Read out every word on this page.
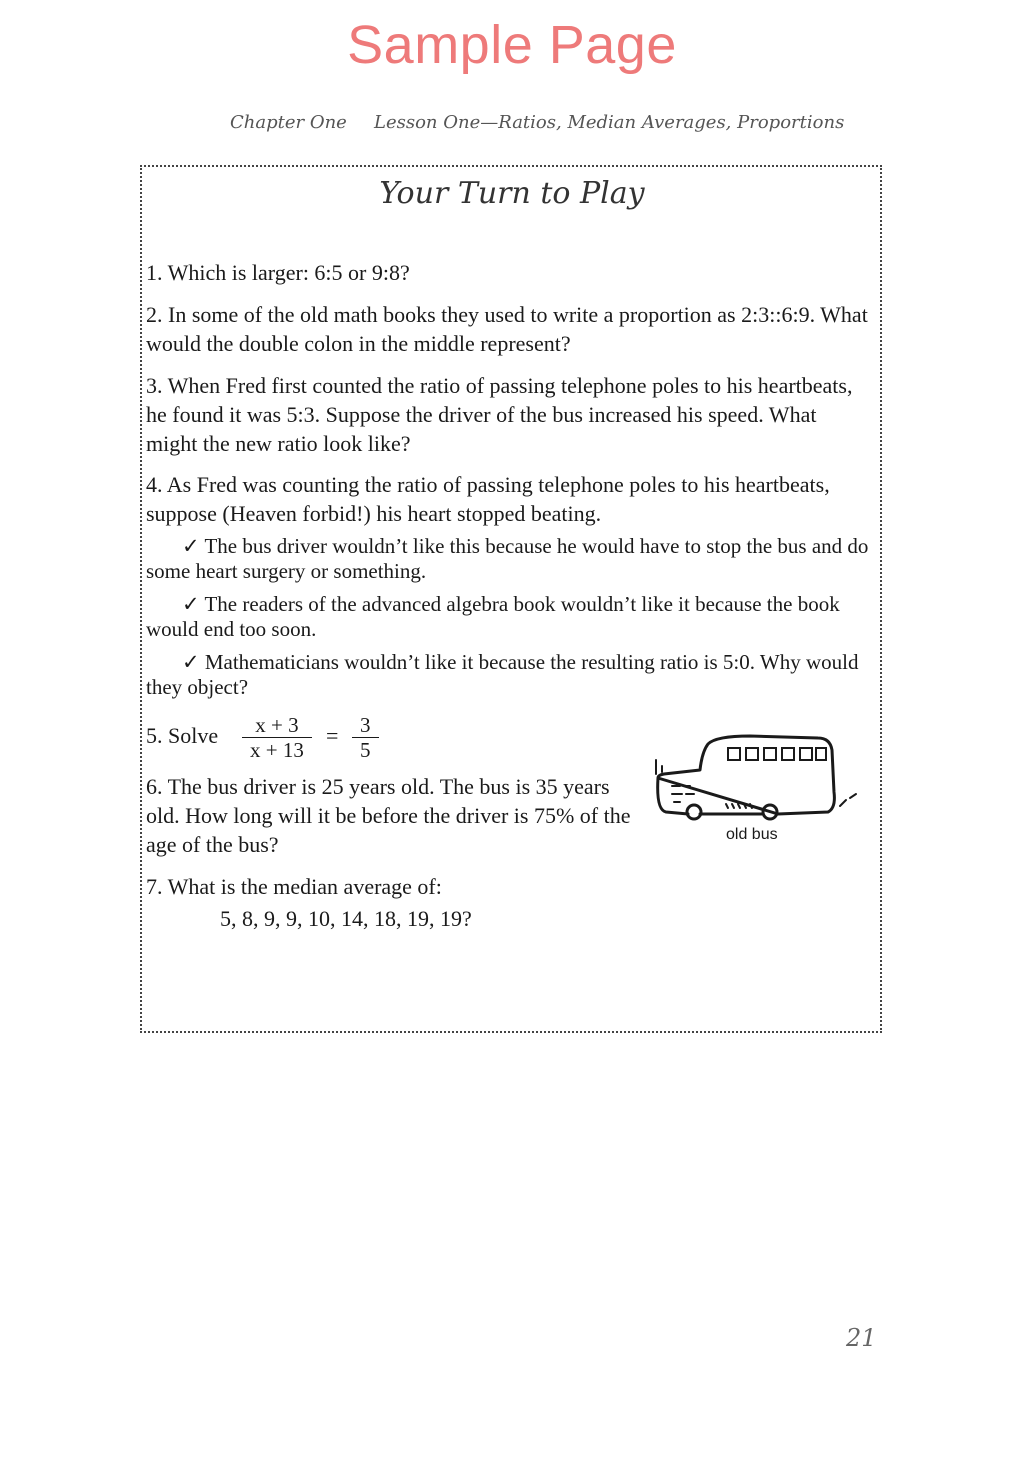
Sample Page
Chapter One Lesson One—Ratios, Median Averages, Proportions
Your Turn to Play
1. Which is larger: 6:5 or 9:8?
2. In some of the old math books they used to write a proportion as 2:3::6:9. What would the double colon in the middle represent?
3. When Fred first counted the ratio of passing telephone poles to his heartbeats, he found it was 5:3. Suppose the driver of the bus increased his speed. What might the new ratio look like?
4. As Fred was counting the ratio of passing telephone poles to his heartbeats, suppose (Heaven forbid!) his heart stopped beating.
✓ The bus driver wouldn’t like this because he would have to stop the bus and do some heart surgery or something.
✓ The readers of the advanced algebra book wouldn’t like it because the book would end too soon.
✓ Mathematicians wouldn’t like it because the resulting ratio is 5:0. Why would they object?
5. Solve $\frac{x + 3}{x + 13} = \frac{3}{5}$
6. The bus driver is 25 years old. The bus is 35 years old. How long will it be before the driver is 75% of the age of the bus?
7. What is the median average of:
5, 8, 9, 9, 10, 14, 18, 19, 19?
old bus
21
